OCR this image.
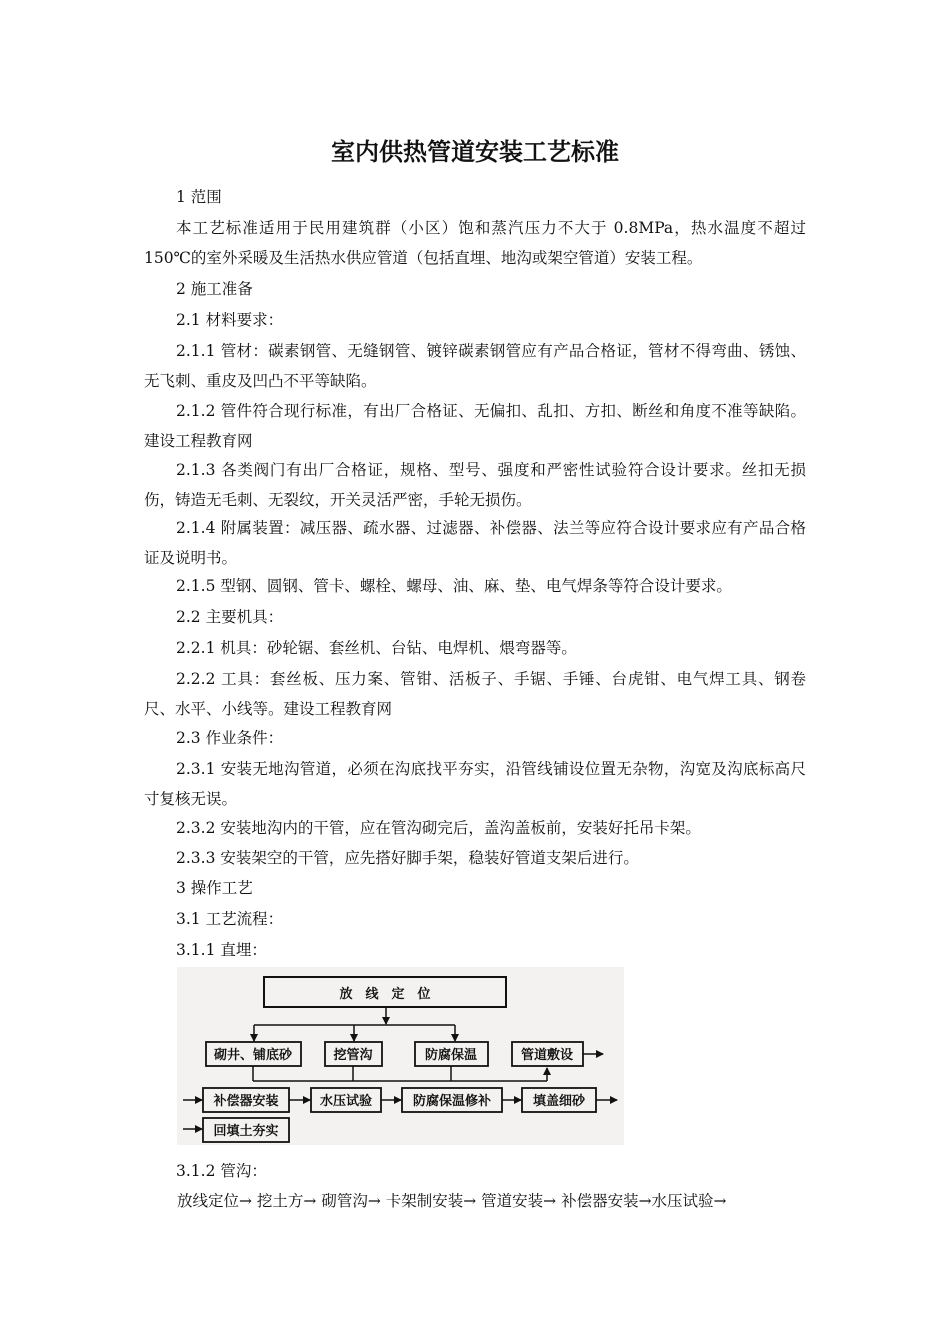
室内供热管道安装工艺标准

1 范围

本工艺标准适用于民用建筑群（小区）饱和蒸汽压力不大于 0.8MPa，热水温度不超过 150℃的室外采暖及生活热水供应管道（包括直埋、地沟或架空管道）安装工程。

2 施工准备

2.1 材料要求：

2.1.1 管材：碳素钢管、无缝钢管、镀锌碳素钢管应有产品合格证，管材不得弯曲、锈蚀、无飞刺、重皮及凹凸不平等缺陷。

2.1.2 管件符合现行标准，有出厂合格证、无偏扣、乱扣、方扣、断丝和角度不准等缺陷。建设工程教育网

2.1.3 各类阀门有出厂合格证，规格、型号、强度和严密性试验符合设计要求。丝扣无损伤，铸造无毛刺、无裂纹，开关灵活严密，手轮无损伤。

2.1.4 附属装置：减压器、疏水器、过滤器、补偿器、法兰等应符合设计要求应有产品合格证及说明书。

2.1.5 型钢、圆钢、管卡、螺栓、螺母、油、麻、垫、电气焊条等符合设计要求。

2.2 主要机具：

2.2.1 机具：砂轮锯、套丝机、台钻、电焊机、煨弯器等。

2.2.2 工具：套丝板、压力案、管钳、活板子、手锯、手锤、台虎钳、电气焊工具、钢卷尺、水平、小线等。建设工程教育网

2.3 作业条件：

2.3.1 安装无地沟管道，必须在沟底找平夯实，沿管线铺设位置无杂物，沟宽及沟底标高尺寸复核无误。

2.3.2 安装地沟内的干管，应在管沟砌完后，盖沟盖板前，安装好托吊卡架。

2.3.3 安装架空的干管，应先搭好脚手架，稳装好管道支架后进行。

3 操作工艺

3.1 工艺流程：

3.1.1 直埋：

放　线　定　位
砌井、铺底砂	挖管沟	防腐保温	管道敷设
补偿器安装	水压试验	防腐保温修补	填盖细砂
回填土夯实

3.1.2 管沟：

放线定位→ 挖土方→ 砌管沟→ 卡架制安装→ 管道安装→ 补偿器安装→水压试验→
